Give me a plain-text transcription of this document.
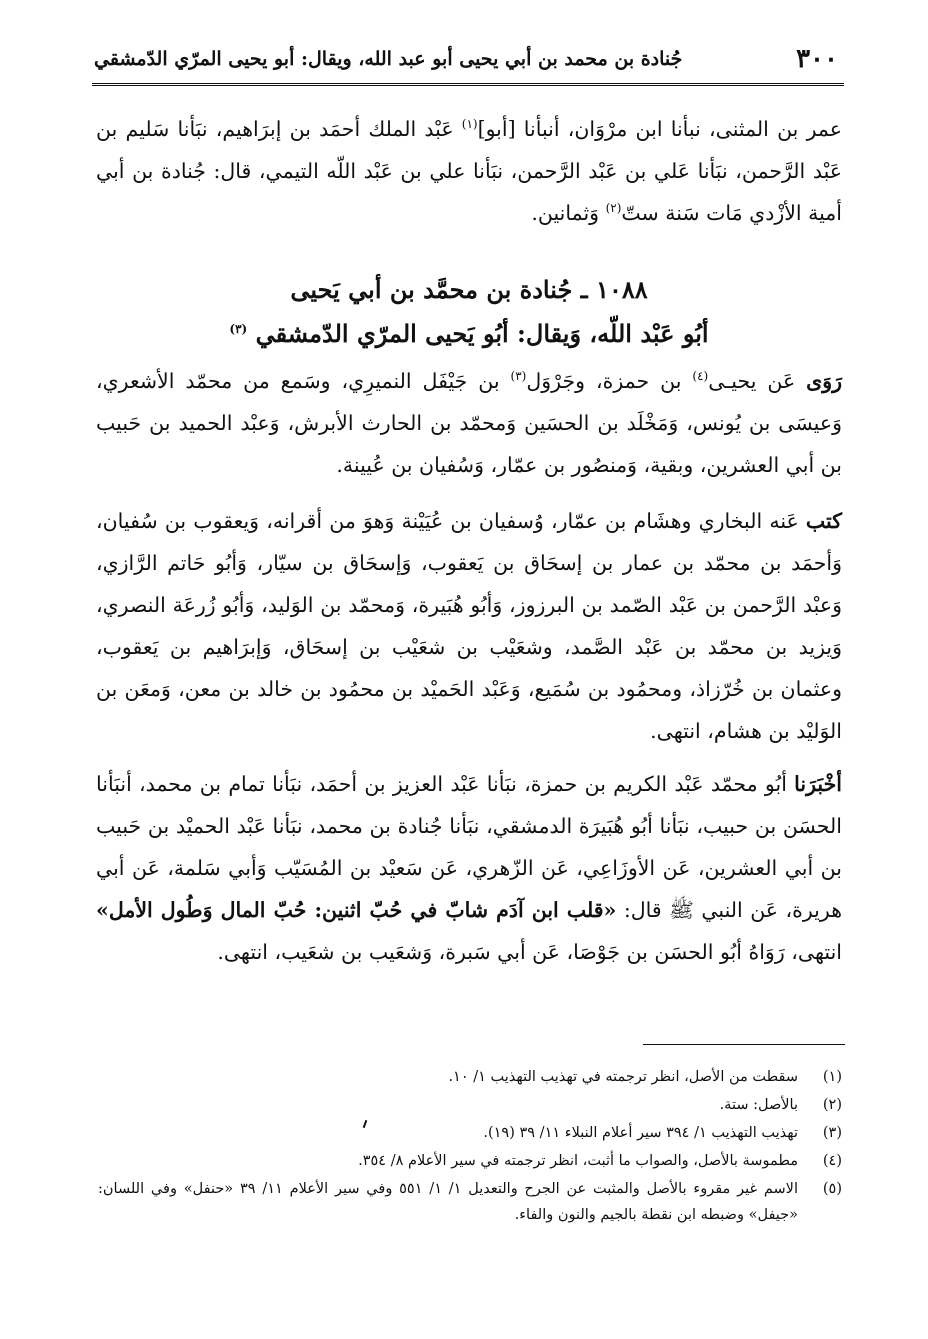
٣٠٠
جُنادة بن محمد بن أبي يحيى أبو عبد الله، ويقال: أبو يحيى المرّي الدّمشقي
عمر بن المثنى، نبأنا ابن مرْوَان، أنبأنا [أبو]$^{(١)}$ عَبْد الملك أحمَد بن إبرَاهيم، نبَأنا سَليم بن عَبْد الرَّحمن، نبَأنا عَلي بن عَبْد الرَّحمن، نبَأنا علي بن عَبْد اللّه التيمي، قال: جُنادة بن أبي أمية الأزْدي مَات سَنة ستّ$^{(٢)}$ وَثمانين.
١٠٨٨ ـ جُنادة بن محمَّد بن أبي يَحيى
أبُو عَبْد اللّه، وَيقال: أبُو يَحيى المرّي الدّمشقي $^{(٣)}$
رَوَى عَن يحيـى$^{(٤)}$ بن حمزة، وجَرْوَل$^{(٣)}$ بن جَيْفَل النميرِي، وسَمع من محمّد الأشعري، وَعيسَى بن يُونس، وَمَخْلَد بن الحسَين وَمحمّد بن الحارث الأبرش، وَعبْد الحميد بن حَبيب بن أبي العشرين، وبقية، وَمنصُور بن عمّار، وَسُفيان بن عُيينة.
كتب عَنه البخاري وهشَام بن عمّار، وُسفيان بن عُيَيْنة وَهوَ من أقرانه، وَيعقوب بن سُفيان، وَأحمَد بن محمّد بن عمار بن إسحَاق بن يَعقوب، وَإسحَاق بن سيّار، وَأبُو حَاتم الرَّازي، وَعبْد الرَّحمن بن عَبْد الصّمد بن البرزوز، وَأبُو هُبَيرة، وَمحمّد بن الوَليد، وَأبُو زُرعَة النصري، وَيزيد بن محمّد بن عَبْد الصَّمد، وشعَيْب بن شعَيْب بن إسحَاق، وَإبرَاهيم بن يَعقوب، وعثمان بن خُرّزاذ، ومحمُود بن سُمَيع، وَعَبْد الحَميْد بن محمُود بن خالد بن معن، وَمعَن بن الوَليْد بن هشام، انتهى.
أخْبَرَنا أبُو محمّد عَبْد الكريم بن حمزة، نبَأنا عَبْد العزيز بن أحمَد، نبَأنا تمام بن محمد، أنبَأنا الحسَن بن حبيب، نبَأنا أبُو هُبَيرَة الدمشقي، نبَأنا جُنادة بن محمد، نبَأنا عَبْد الحميْد بن حَبيب بن أبي العشرين، عَن الأوزَاعِي، عَن الزّهري، عَن سَعيْد بن المُسَيّب وَأبي سَلمة، عَن أبي هريرة، عَن النبي ﷺ قال: «قلب ابن آدَم شابّ في حُبّ اثنين: حُبّ المال وَطُول الأمل» انتهى، رَوَاهُ أبُو الحسَن بن جَوْصَا، عَن أبي سَبرة، وَشعَيب بن شعَيب، انتهى.
(١)
سقطت من الأصل، انظر ترجمته في تهذيب التهذيب ١/ ١٠.
(٢)
بالأصل: ستة.
(٣)
تهذيب التهذيب ١/ ٣٩٤ سير أعلام النبلاء ١١/ ٣٩ (١٩).
(٤)
مطموسة بالأصل، والصواب ما أثبت، انظر ترجمته في سير الأعلام ٨/ ٣٥٤.
(٥)
الاسم غير مقروء بالأصل والمثبت عن الجرح والتعديل ١/ ١/ ٥٥١ وفي سير الأعلام ١١/ ٣٩ «حنفل» وفي اللسان: «جيفل» وضبطه ابن نقطة بالجيم والنون والفاء.
